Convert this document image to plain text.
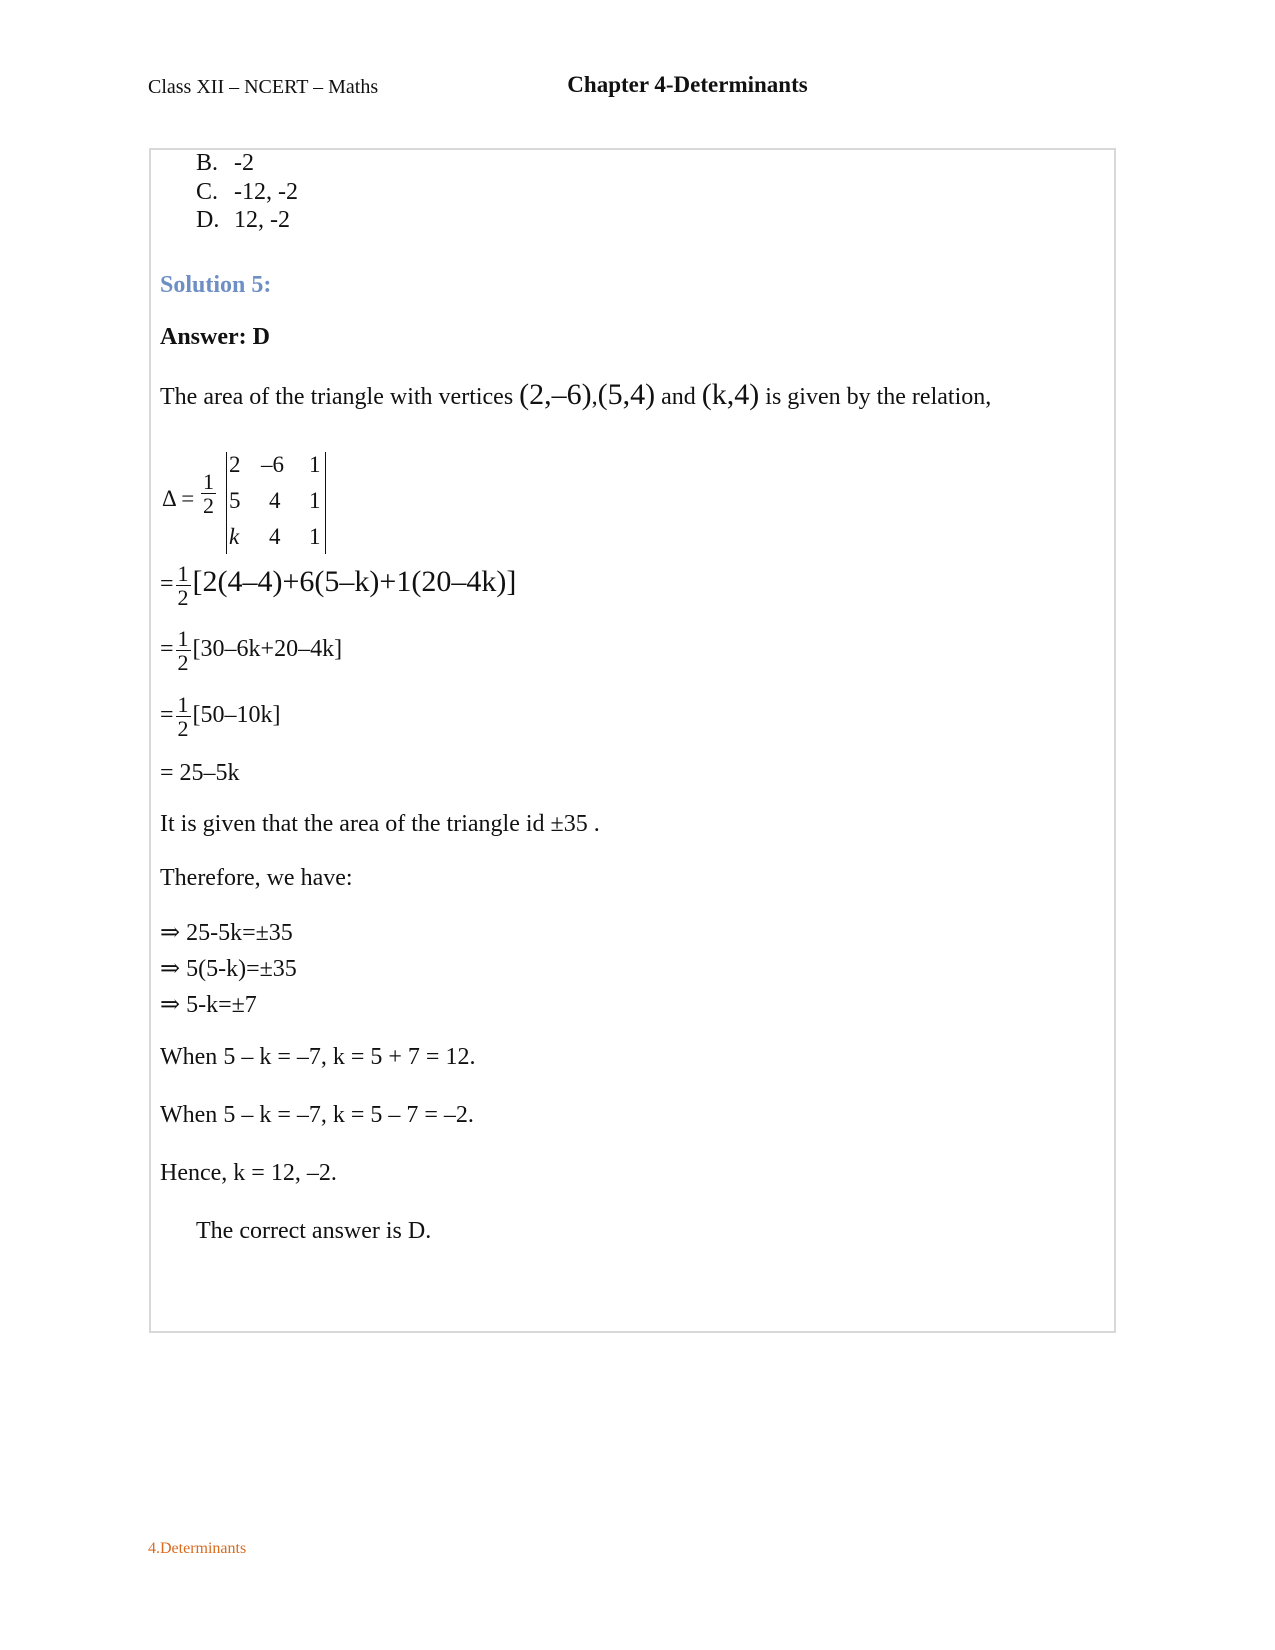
Class XII – NCERT – Maths	Chapter 4-Determinants
B. -2
C. -12, -2
D. 12, -2
Solution 5:
Answer: D
The area of the triangle with vertices (2,–6),(5,4) and (k,4) is given by the relation,
$\Delta = \frac{1}{2}$
2 –6 1
5 4 1
k 4 1
= $\frac{1}{2} [2(4-4)+6(5-k)+1(20-4k)]$
= $\frac{1}{2} [30-6k+20-4k]$
= $\frac{1}{2} [50-10k]$
= 25–5k
It is given that the area of the triangle id ±35 .
Therefore, we have:
⇒ 25-5k=±35
⇒ 5(5-k)=±35
⇒ 5-k=±7
When 5 – k = –7, k = 5 + 7 = 12.
When 5 – k = –7, k = 5 – 7 = –2.
Hence, k = 12, –2.
The correct answer is D.
4.Determinants
